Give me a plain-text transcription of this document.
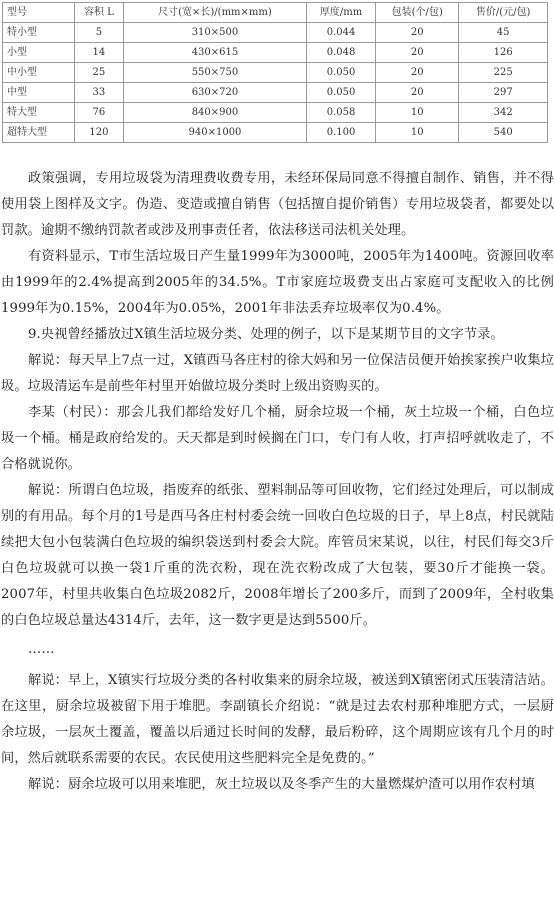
型号	容积 L	尺寸(宽×长)/(mm×mm)	厚度/mm	包装(个/包)	售价/(元/包)
特小型	5	310×500	0.044	20	45
小型	14	430×615	0.048	20	126
中小型	25	550×750	0.050	20	225
中型	33	630×720	0.050	20	297
特大型	76	840×900	0.058	10	342
超特大型	120	940×1000	0.100	10	540

政策强调，专用垃圾袋为清理费收费专用，未经环保局同意不得擅自制作、销售，并不得使用袋上图样及文字。伪造、变造或擅自销售（包括擅自提价销售）专用垃圾袋者，都要处以罚款。逾期不缴纳罚款者或涉及刑事责任者，依法移送司法机关处理。

有资料显示，T市生活垃圾日产生量1999年为3000吨，2005年为1400吨。资源回收率由1999年的2.4%提高到2005年的34.5%。T市家庭垃圾费支出占家庭可支配收入的比例1999年为0.15%，2004年为0.05%，2001年非法丢弃垃圾率仅为0.4%。

9.央视曾经播放过X镇生活垃圾分类、处理的例子，以下是某期节目的文字节录。

解说：每天早上7点一过，X镇西马各庄村的徐大妈和另一位保洁员便开始挨家挨户收集垃圾。垃圾清运车是前些年村里开始做垃圾分类时上级出资购买的。

李某（村民）：那会儿我们都给发好几个桶，厨余垃圾一个桶，灰土垃圾一个桶，白色垃圾一个桶。桶是政府给发的。天天都是到时候搁在门口，专门有人收，打声招呼就收走了，不合格就说你。

解说：所谓白色垃圾，指废弃的纸张、塑料制品等可回收物，它们经过处理后，可以制成别的有用品。每个月的1号是西马各庄村村委会统一回收白色垃圾的日子，早上8点，村民就陆续把大包小包装满白色垃圾的编织袋送到村委会大院。库管员宋某说，以往，村民们每交3斤白色垃圾就可以换一袋1斤重的洗衣粉，现在洗衣粉改成了大包装，要30斤才能换一袋。2007年，村里共收集白色垃圾2082斤，2008年增长了200多斤，而到了2009年，全村收集的白色垃圾总量达4314斤，去年，这一数字更是达到5500斤。

……

解说：早上，X镇实行垃圾分类的各村收集来的厨余垃圾，被送到X镇密闭式压装清洁站。在这里，厨余垃圾被留下用于堆肥。李副镇长介绍说：“就是过去农村那种堆肥方式，一层厨余垃圾，一层灰土覆盖，覆盖以后通过长时间的发酵，最后粉碎，这个周期应该有几个月的时间，然后就联系需要的农民。农民使用这些肥料完全是免费的。”

解说：厨余垃圾可以用来堆肥，灰土垃圾以及冬季产生的大量燃煤炉渣可以用作农村填
